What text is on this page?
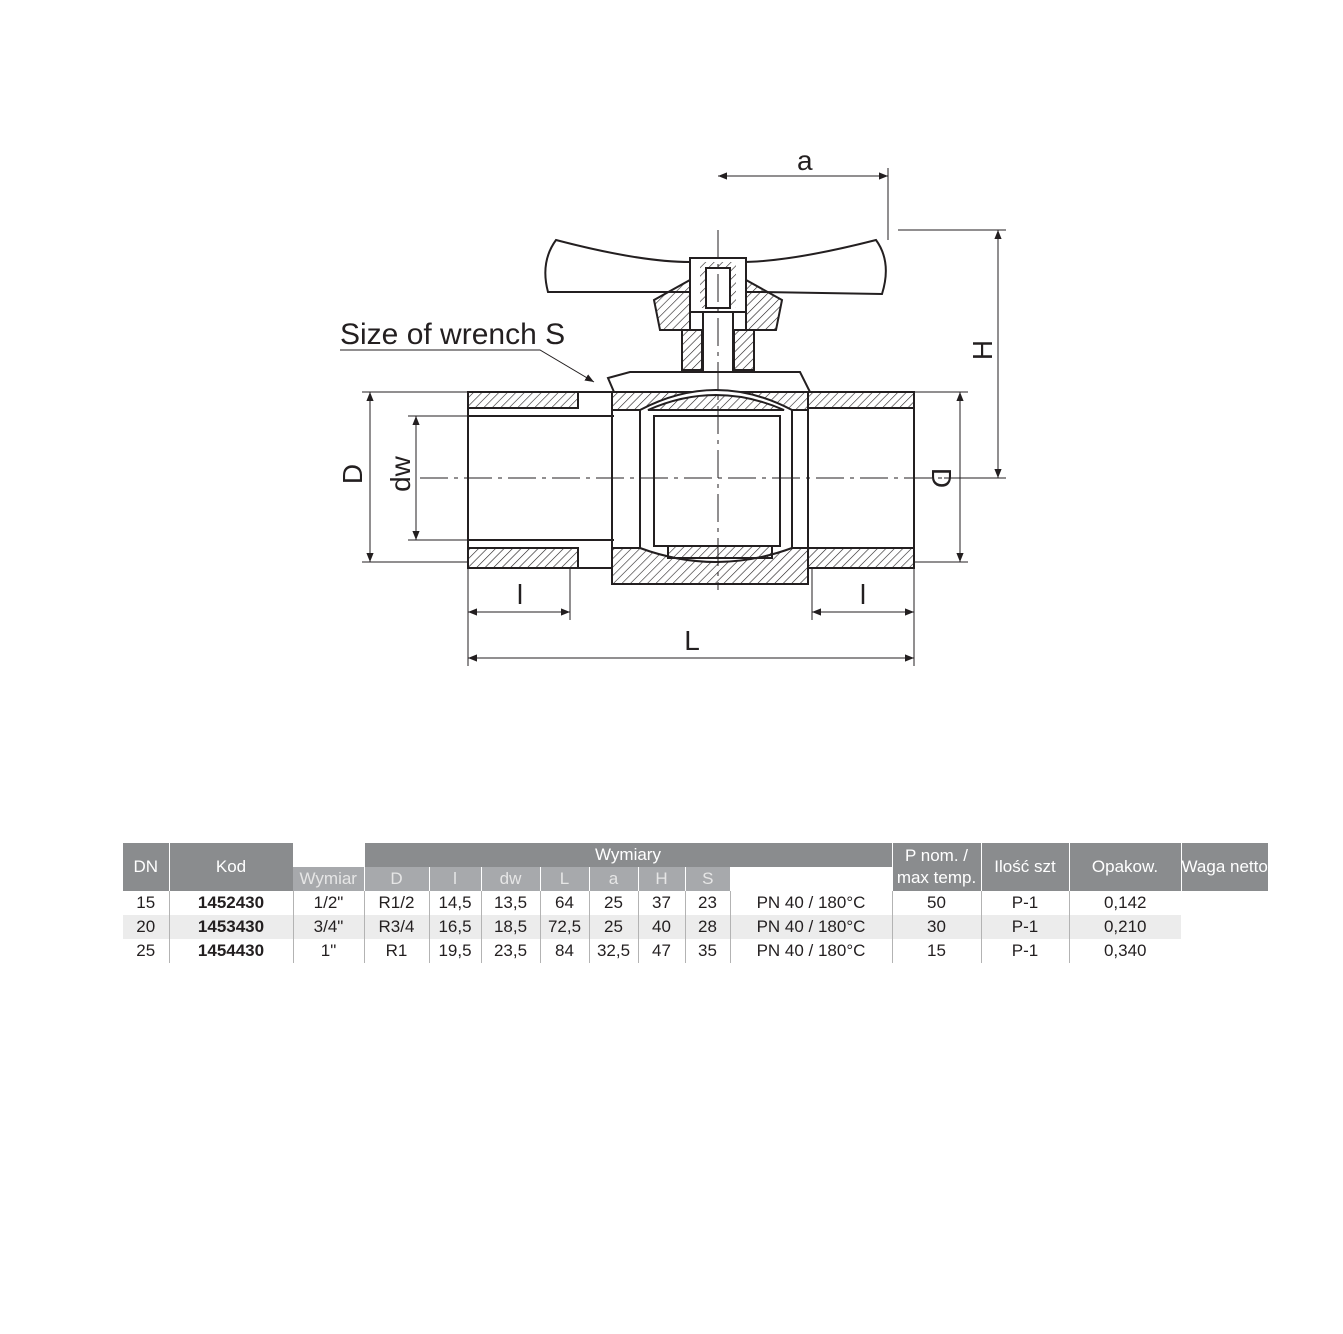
Size of wrench S
a
H
D dw	D
l	l
L
DN	Kod		Wymiary								P nom. / max temp.	Ilość szt	Opakow.	Waga netto
		Wymiar	D	l	dw	L	a	H	S					
15	1452430	1/2"	R1/2	14,5	13,5	64	25	37	23	PN 40 / 180°C	50	P-1	0,142	
20	1453430	3/4"	R3/4	16,5	18,5	72,5	25	40	28	PN 40 / 180°C	30	P-1	0,210	
25	1454430	1"	R1	19,5	23,5	84	32,5	47	35	PN 40 / 180°C	15	P-1	0,340	
